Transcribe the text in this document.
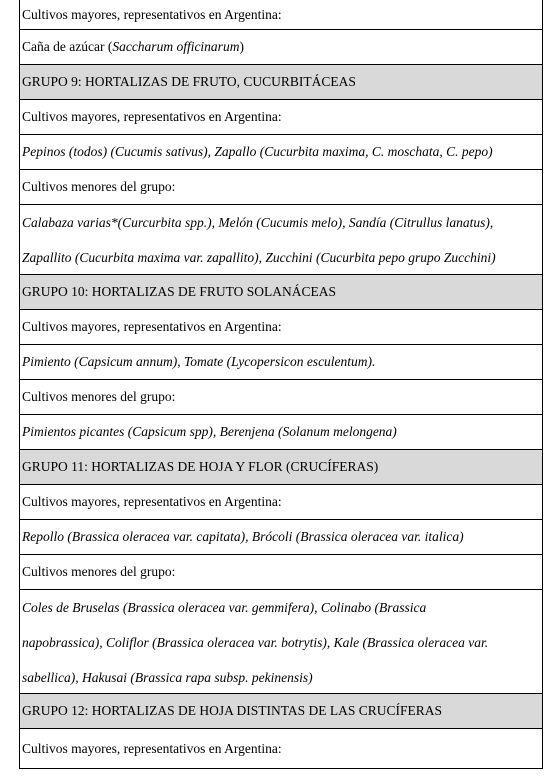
Cultivos mayores, representativos en Argentina:
Caña de azúcar ( Saccharum officinarum )
GRUPO 9: HORTALIZAS DE FRUTO, CUCURBITÁCEAS
Cultivos mayores, representativos en Argentina:
Pepinos (todos) (Cucumis sativus), Zapallo (Cucurbita maxima, C. moschata, C. pepo)
Cultivos menores del grupo:
Calabaza varias*(Curcurbita spp.), Melón (Cucumis melo), Sandía (Citrullus lanatus),
Zapallito (Cucurbita maxima var. zapallito), Zucchini (Cucurbita pepo grupo Zucchini)
GRUPO 10: HORTALIZAS DE FRUTO SOLANÁCEAS
Cultivos mayores, representativos en Argentina:
Pimiento (Capsicum annum), Tomate (Lycopersicon esculentum).
Cultivos menores del grupo:
Pimientos picantes (Capsicum spp), Berenjena (Solanum melongena)
GRUPO 11: HORTALIZAS DE HOJA Y FLOR (CRUCÍFERAS)
Cultivos mayores, representativos en Argentina:
Repollo (Brassica oleracea var. capitata), Brócoli (Brassica oleracea var. italica)
Cultivos menores del grupo:
Coles de Bruselas (Brassica oleracea var. gemmifera), Colinabo (Brassica
napobrassica), Coliflor (Brassica oleracea var. botrytis), Kale (Brassica oleracea var.
sabellica), Hakusai (Brassica rapa subsp. pekinensis)
GRUPO 12: HORTALIZAS DE HOJA DISTINTAS DE LAS CRUCÍFERAS
Cultivos mayores, representativos en Argentina:
